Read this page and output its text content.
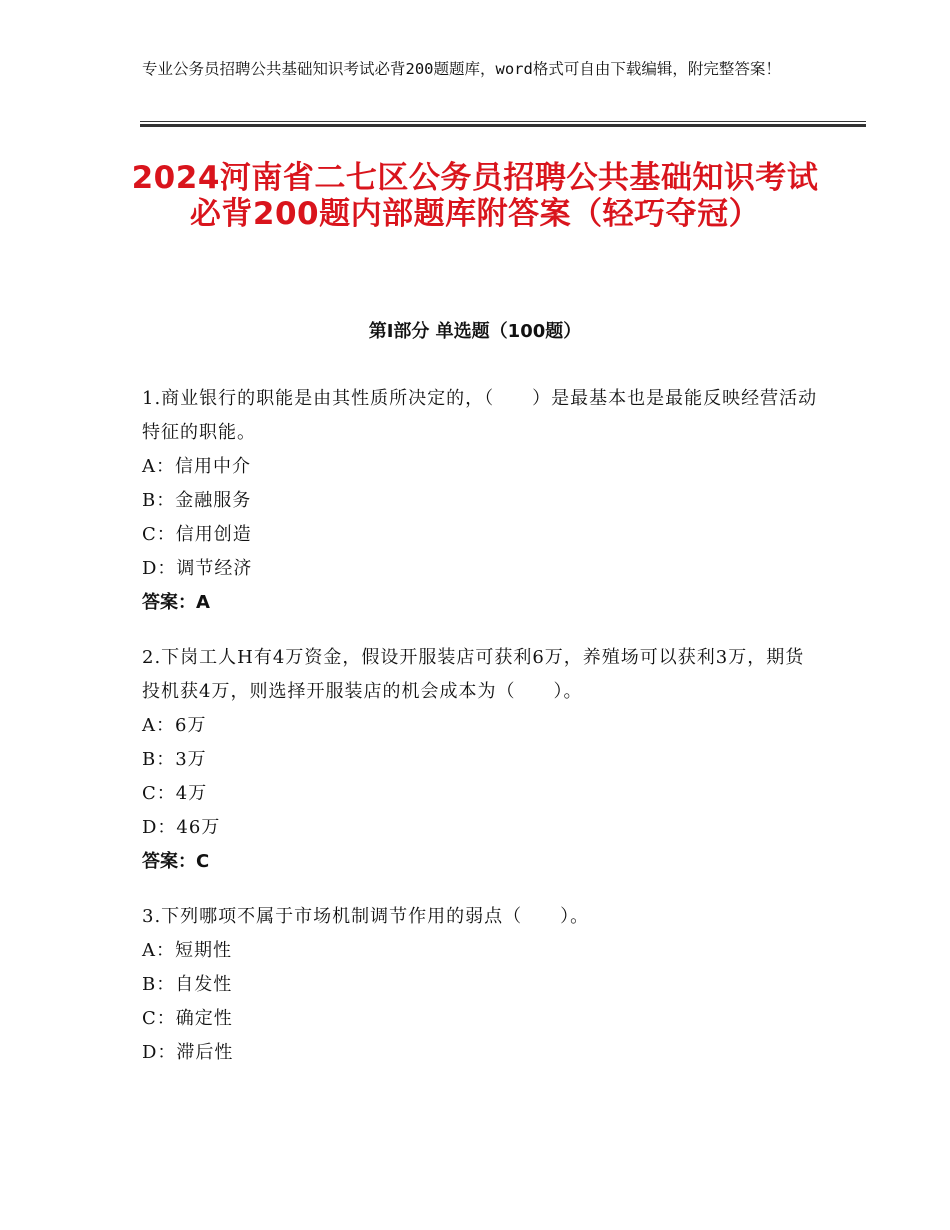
专业公务员招聘公共基础知识考试必背200题题库，word格式可自由下载编辑，附完整答案！
2024河南省二七区公务员招聘公共基础知识考试必背200题内部题库附答案（轻巧夺冠）
第Ⅰ部分 单选题（100题）
1.商业银行的职能是由其性质所决定的，（　　）是最基本也是最能反映经营活动特征的职能。
A：信用中介
B：金融服务
C：信用创造
D：调节经济
答案：A
2.下岗工人H有4万资金，假设开服装店可获利6万，养殖场可以获利3万，期货投机获4万，则选择开服装店的机会成本为（　　）。
A：6万
B：3万
C：4万
D：46万
答案：C
3.下列哪项不属于市场机制调节作用的弱点（　　）。
A：短期性
B：自发性
C：确定性
D：滞后性
